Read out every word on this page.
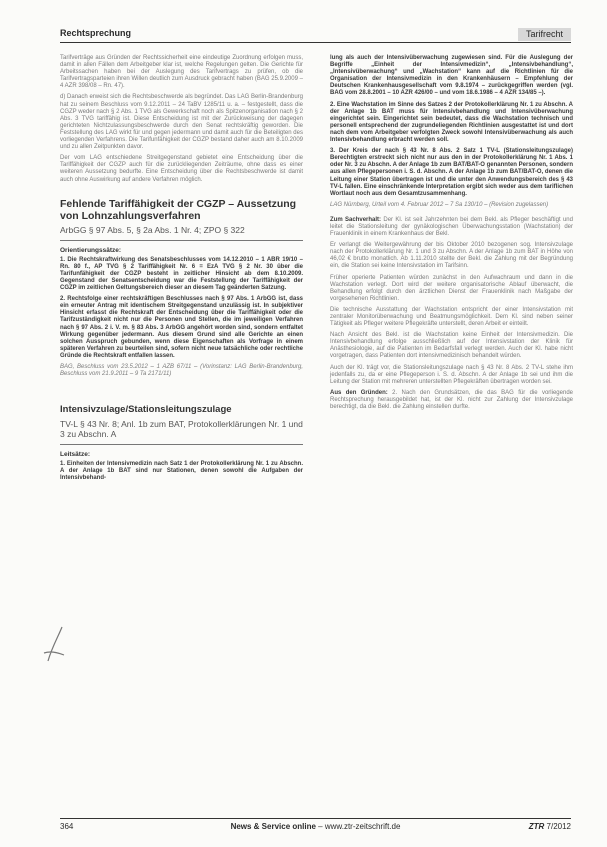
Rechtsprechung	Tarifrecht

Tarifverträge aus Gründen der Rechtssicherheit eine eindeutige Zuordnung erfolgen muss, damit in allen Fällen dem Arbeitgeber klar ist, welche Regelungen gelten. Die Gerichte für Arbeitssachen haben bei der Auslegung des Tarifvertrags zu prüfen, ob die Tarifvertragsparteien ihren Willen deutlich zum Ausdruck gebracht haben (BAG 25.9.2009 – 4 AZR 398/08 – Rn. 47).

d) Danach erweist sich die Rechtsbeschwerde als begründet. Das LAG Berlin-Brandenburg hat zu seinem Beschluss vom 9.12.2011 – 24 TaBV 1285/11 u. a. – festgestellt, dass die CGZP weder nach § 2 Abs. 1 TVG als Gewerkschaft noch als Spitzenorganisation nach § 2 Abs. 3 TVG tariffähig ist. Diese Entscheidung ist mit der Zurückweisung der dagegen gerichteten Nichtzulassungsbeschwerde durch den Senat rechtskräftig geworden. Die Feststellung des LAG wirkt für und gegen jedermann und damit auch für die Beteiligten des vorliegenden Verfahrens. Die Tarifunfähigkeit der CGZP bestand daher auch am 8.10.2009 und zu allen Zeitpunkten davor.

Der vom LAG entschiedene Streitgegenstand gebietet eine Entscheidung über die Tariffähigkeit der CGZP auch für die zurückliegenden Zeiträume, ohne dass es einer weiteren Aussetzung bedurfte. Eine Entscheidung über die Rechtsbeschwerde ist damit auch ohne Auswirkung auf andere Verfahren möglich.

Fehlende Tariffähigkeit der CGZP – Aussetzung von Lohnzahlungsverfahren
ArbGG § 97 Abs. 5, § 2a Abs. 1 Nr. 4; ZPO § 322
Orientierungssätze:

1. Die Rechtskraftwirkung des Senatsbeschlusses vom 14.12.2010 – 1 ABR 19/10 – Rn. 80 f., AP TVG § 2 Tariffähigkeit Nr. 6 = EzA TVG § 2 Nr. 30 über die Tarifunfähigkeit der CGZP besteht in zeitlicher Hinsicht ab dem 8.10.2009. Gegenstand der Senatsentscheidung war die Feststellung der Tariffähigkeit der CGZP im zeitlichen Geltungsbereich dieser an diesem Tag geänderten Satzung.

2. Rechtsfolge einer rechtskräftigen Beschlusses nach § 97 Abs. 1 ArbGG ist, dass ein erneuter Antrag mit identischem Streitgegenstand unzulässig ist. In subjektiver Hinsicht erfasst die Rechtskraft der Entscheidung über die Tariffähigkeit oder die Tarifzuständigkeit nicht nur die Personen und Stellen, die im jeweiligen Verfahren nach § 97 Abs. 2 i. V. m. § 83 Abs. 3 ArbGG angehört worden sind, sondern entfaltet Wirkung gegenüber jedermann. Aus diesem Grund sind alle Gerichte an einen solchen Ausspruch gebunden, wenn diese Eigenschaften als Vorfrage in einem späteren Verfahren zu beurteilen sind, sofern nicht neue tatsächliche oder rechtliche Gründe die Rechtskraft entfallen lassen.

BAG, Beschluss vom 23.5.2012 – 1 AZB 67/11 – (Vorinstanz: LAG Berlin-Brandenburg, Beschluss vom 21.9.2011 – 9 Ta 2171/11)
Intensivzulage/Stationsleitungszulage
TV-L § 43 Nr. 8; Anl. 1b zum BAT, Protokollerklärungen Nr. 1 und 3 zu Abschn. A
Leitsätze:

1. Einheiten der Intensivmedizin nach Satz 1 der Protokollerklärung Nr. 1 zu Abschn. A der Anlage 1b BAT sind nur Stationen, denen sowohl die Aufgaben der Intensivbehand-

lung als auch der Intensivüberwachung zugewiesen sind. Für die Auslegung der Begriffe „Einheit der Intensivmedizin“, „Intensivbehandlung“, „Intensivüberwachung“ und „Wachstation“ kann auf die Richtlinien für die Organisation der Intensivmedizin in den Krankenhäusern – Empfehlung der Deutschen Krankenhausgesellschaft vom 9.8.1974 – zurückgegriffen werden (vgl. BAG vom 28.8.2001 – 10 AZR 426/00 – und vom 18.6.1986 – 4 AZR 134/85 –).

2. Eine Wachstation im Sinne des Satzes 2 der Protokollerklärung Nr. 1 zu Abschn. A der Anlage 1b BAT muss für Intensivbehandlung und Intensivüberwachung eingerichtet sein. Eingerichtet sein bedeutet, dass die Wachstation technisch und personell entsprechend der zugrundeliegenden Richtlinien ausgestattet ist und dort nach dem vom Arbeitgeber verfolgten Zweck sowohl Intensivüberwachung als auch Intensivbehandlung erbracht werden soll.

3. Der Kreis der nach § 43 Nr. 8 Abs. 2 Satz 1 TV-L (Stationsleitungszulage) Berechtigten erstreckt sich nicht nur aus den in der Protokollerklärung Nr. 1 Abs. 1 oder Nr. 3 zu Abschn. A der Anlage 1b zum BAT/BAT-O genannten Personen, sondern aus allen Pflegepersonen i. S. d. Abschn. A der Anlage 1b zum BAT/BAT-O, denen die Leitung einer Station übertragen ist und die unter den Anwendungsbereich des § 43 TV-L fallen. Eine einschränkende Interpretation ergibt sich weder aus dem tariflichen Wortlaut noch aus dem Gesamtzusammenhang.

LAG Nürnberg, Urteil vom 4. Februar 2012 – 7 Sa 130/10 – (Revision zugelassen)

Zum Sachverhalt: Der Kl. ist seit Jahrzehnten bei dem Bekl. als Pfleger beschäftigt und leitet die Stationsleitung der gynäkologischen Überwachungsstation (Wachstation) der Frauenklinik in einem Krankenhaus der Bekl.

Er verlangt die Weitergewährung der bis Oktober 2010 bezogenen sog. Intensivzulage nach der Protokollerklärung Nr. 1 und 3 zu Abschn. A der Anlage 1b zum BAT in Höhe von 46,02 € brutto monatlich. Ab 1.11.2010 stellte der Bekl. die Zahlung mit der Begründung ein, die Station sei keine Intensivstation im Tarifsinn.

Früher operierte Patienten würden zunächst in den Aufwachraum und dann in die Wachstation verlegt. Dort wird der weitere organisatorische Ablauf überwacht, die Behandlung erfolgt durch den ärztlichen Dienst der Frauenklinik nach Maßgabe der vorgesehenen Richtlinien.

Die technische Ausstattung der Wachstation entspricht der einer Intensivstation mit zentraler Monitorüberwachung und Beatmungsmöglichkeit. Dem Kl. sind neben seiner Tätigkeit als Pfleger weitere Pflegekräfte unterstellt, deren Arbeit er einteilt.

Nach Ansicht des Bekl. ist die Wachstation keine Einheit der Intensivmedizin. Die Intensivbehandlung erfolge ausschließlich auf der Intensivstation der Klinik für Anästhesiologie, auf die Patienten im Bedarfsfall verlegt werden. Auch der Kl. habe nicht vorgetragen, dass Patienten dort intensivmedizinisch behandelt würden.

Auch der Kl. trägt vor, die Stationsleitungszulage nach § 43 Nr. 8 Abs. 2 TV-L stehe ihm jedenfalls zu, da er eine Pflegeperson i. S. d. Abschn. A der Anlage 1b sei und ihm die Leitung der Station mit mehreren unterstellten Pflegekräften übertragen worden sei.

Aus den Gründen: 2. Nach den Grundsätzen, die das BAG für die vorliegende Rechtsprechung herausgebildet hat, ist der Kl. nicht zur Zahlung der Intensivzulage berechtigt, da die Bekl. die Zahlung einstellen durfte.

364	News & Service online – www.ztr-zeitschrift.de	ZTR 7/2012
